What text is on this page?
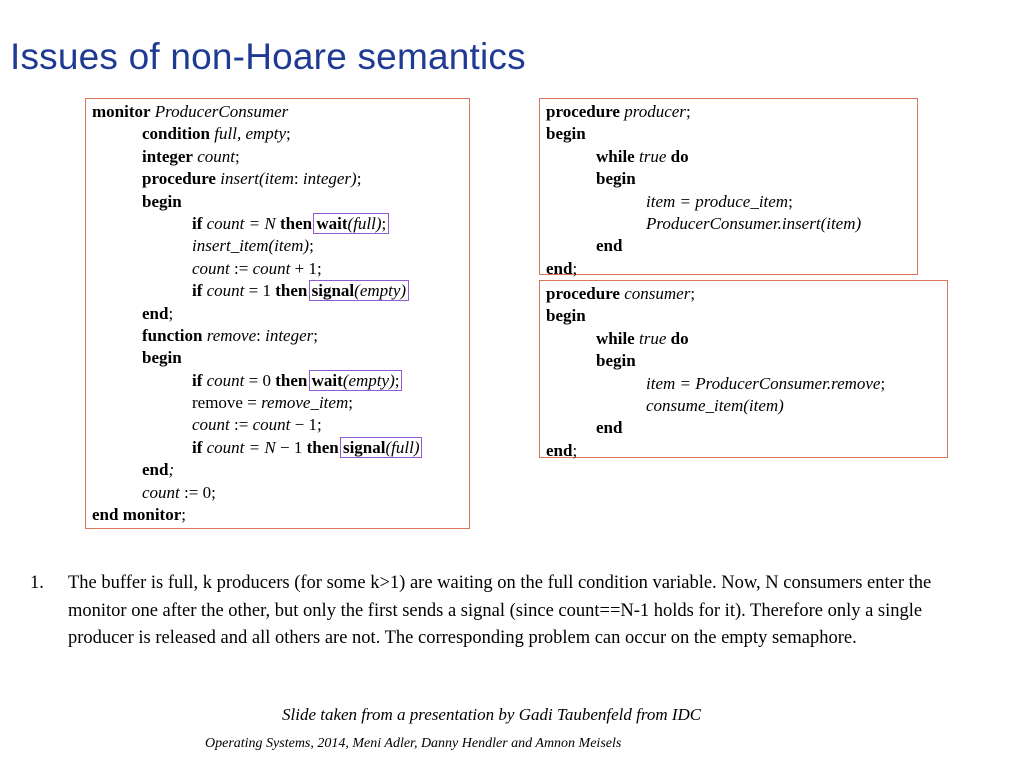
Issues of non-Hoare semantics
monitor ProducerConsumer
condition full, empty;
integer count;
procedure insert(item: integer);
begin
if count = N then wait(full);
insert_item(item);
count := count + 1;
if count = 1 then signal(empty)
end;
function remove: integer;
begin
if count = 0 then wait(empty);
remove = remove_item;
count := count − 1;
if count = N − 1 then signal(full)
end;
count := 0;
end monitor;
procedure producer;
begin
while true do
begin
item = produce_item;
ProducerConsumer.insert(item)
end
end;
procedure consumer;
begin
while true do
begin
item = ProducerConsumer.remove;
consume_item(item)
end
end;
1. The buffer is full, k producers (for some k>1) are waiting on the full condition variable. Now, N consumers enter the monitor one after the other, but only the first sends a signal (since count==N-1 holds for it). Therefore only a single producer is released and all others are not. The corresponding problem can occur on the empty semaphore.
Slide taken from a presentation by Gadi Taubenfeld from IDC
Operating Systems, 2014, Meni Adler, Danny Hendler and Amnon Meisels
